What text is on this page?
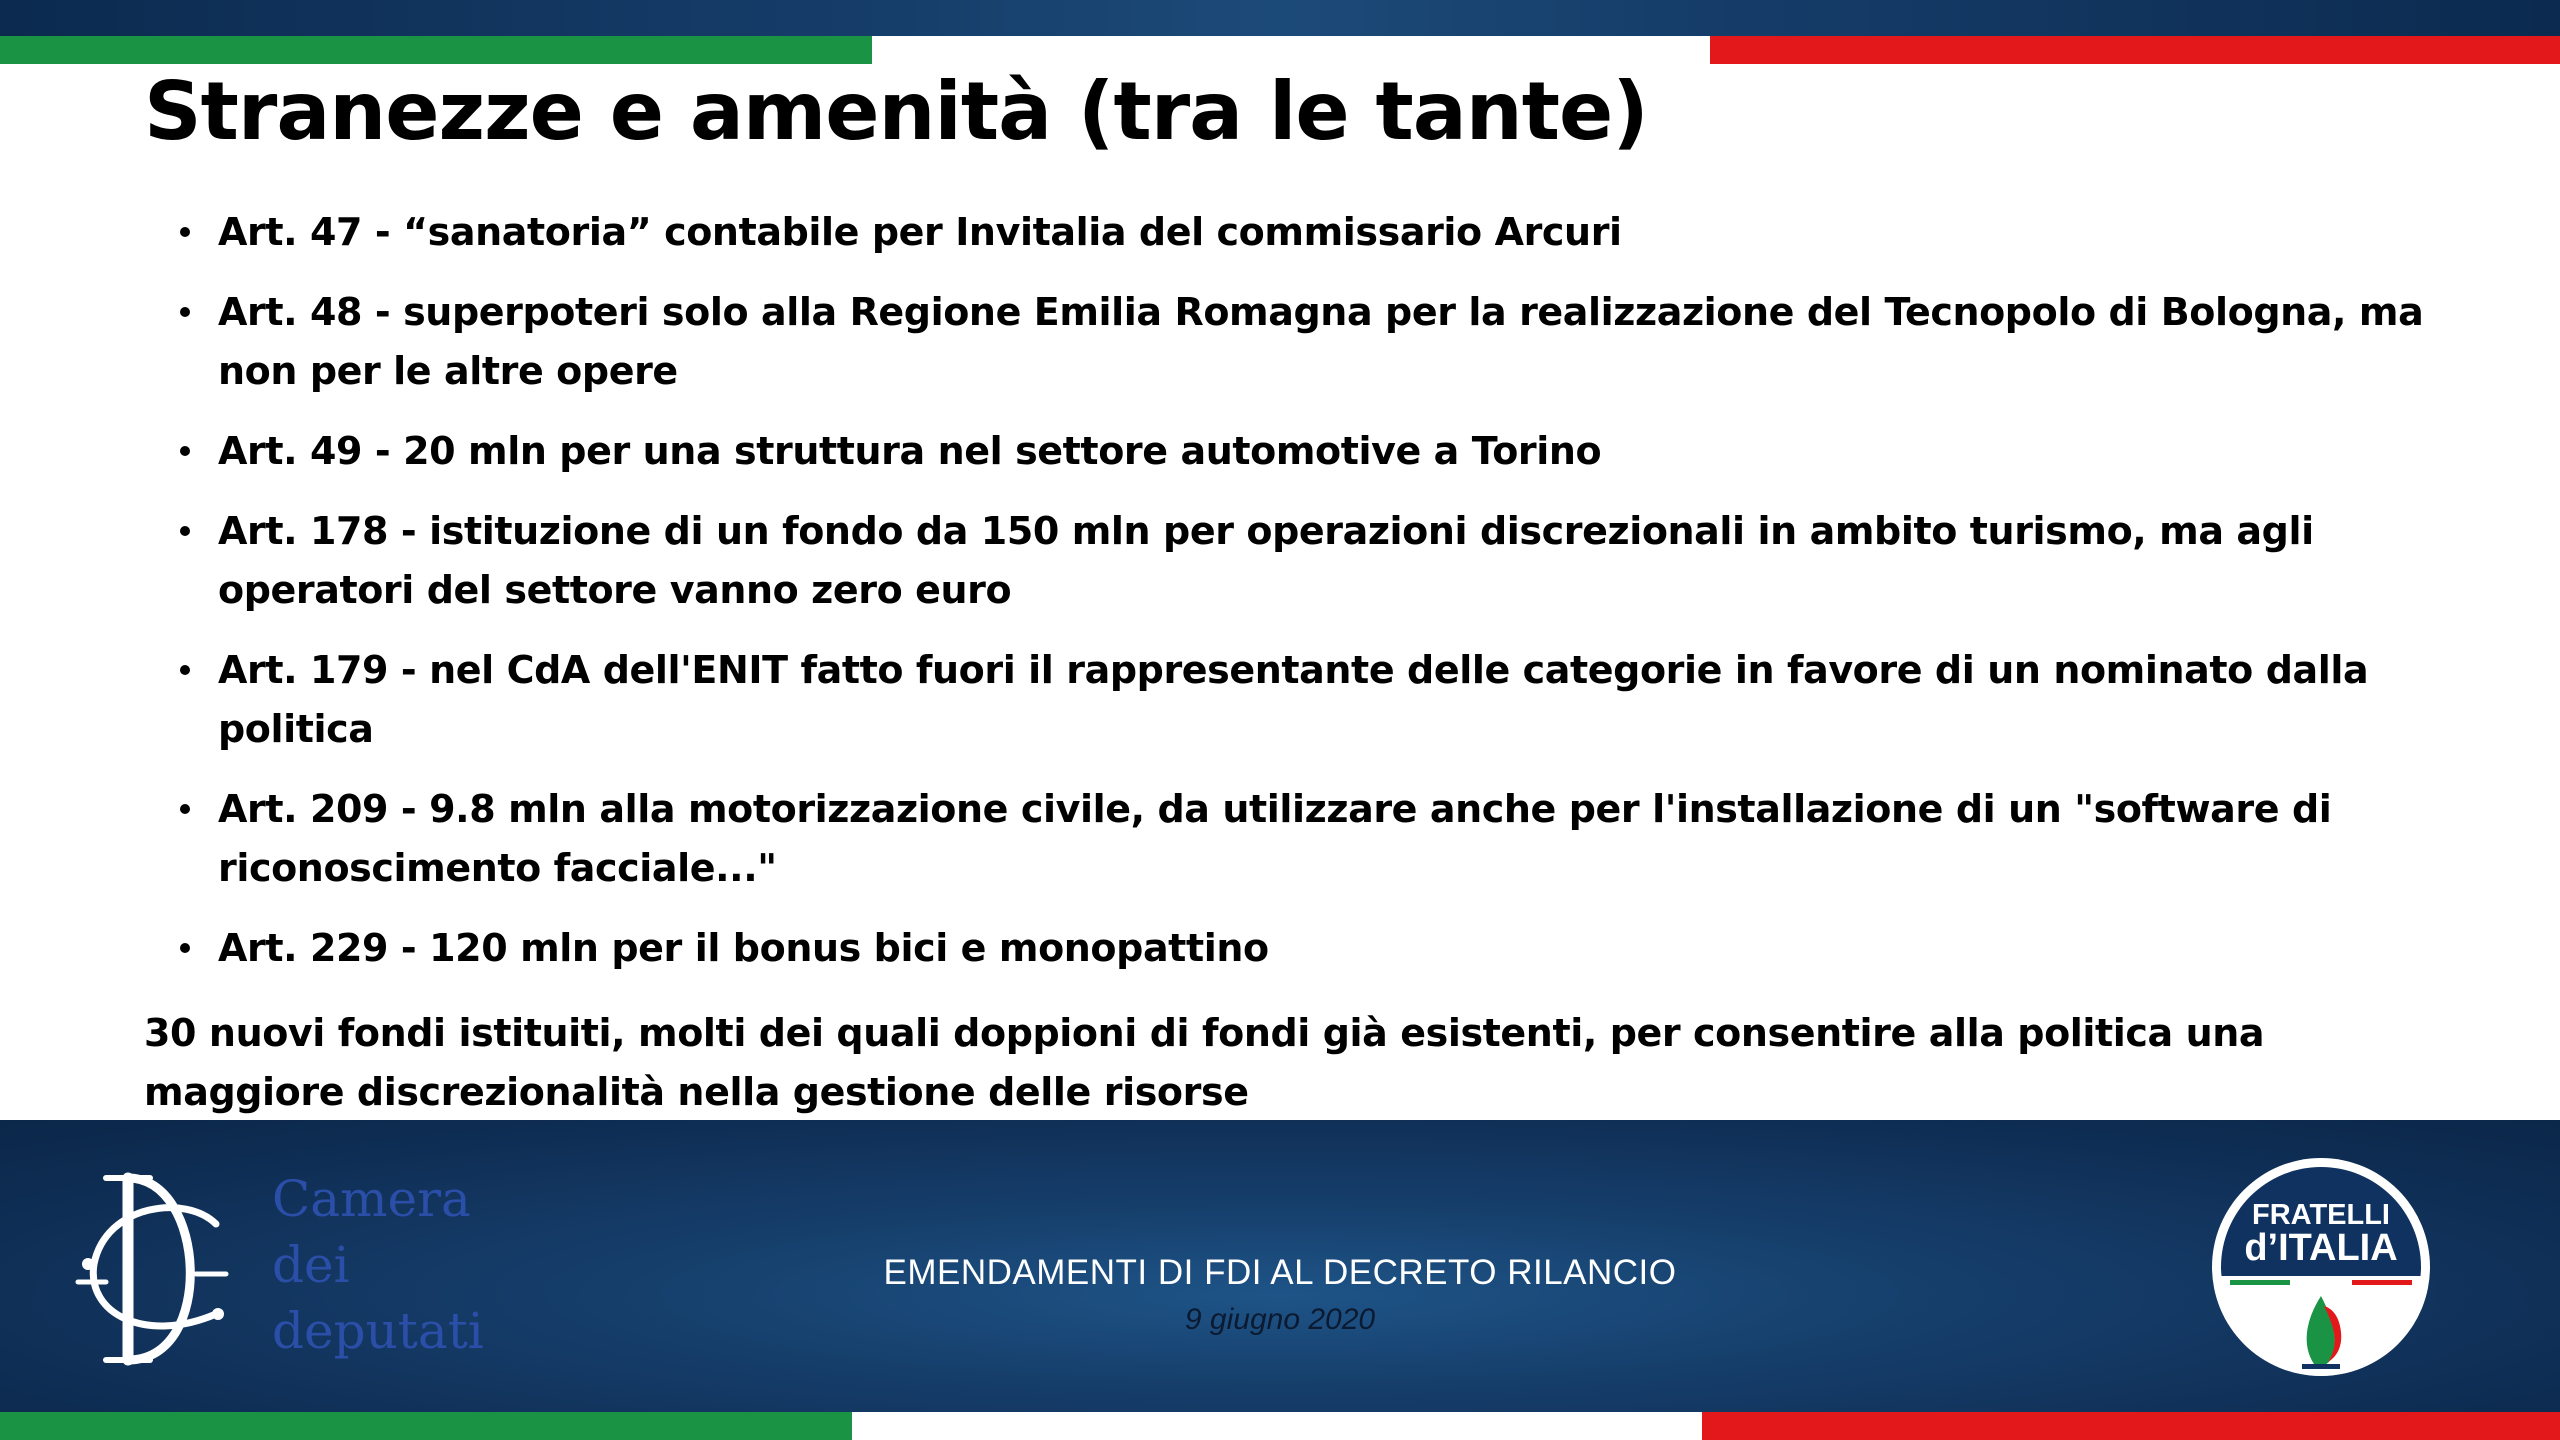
Stranezze e amenità (tra le tante)
Art. 47 - “sanatoria” contabile per Invitalia del commissario Arcuri
Art. 48 - superpoteri solo alla Regione Emilia Romagna per la realizzazione del Tecnopolo di Bologna, ma non per le altre opere
Art. 49 - 20 mln per una struttura nel settore automotive a Torino
Art. 178 - istituzione di un fondo da 150 mln per operazioni discrezionali in ambito turismo, ma agli operatori del settore vanno zero euro
Art. 179 - nel CdA dell'ENIT fatto fuori il rappresentante delle categorie in favore di un nominato dalla politica
Art. 209 - 9.8 mln alla motorizzazione civile, da utilizzare anche per l'installazione di un "software di riconoscimento facciale..."
Art. 229 - 120 mln per il bonus bici e monopattino

30 nuovi fondi istituiti, molti dei quali doppioni di fondi già esistenti, per consentire alla politica una maggiore discrezionalità nella gestione delle risorse

Camera
dei
deputati
EMENDAMENTI DI FDI AL DECRETO RILANCIO
9 giugno 2020
FRATELLI
d’ITALIA
